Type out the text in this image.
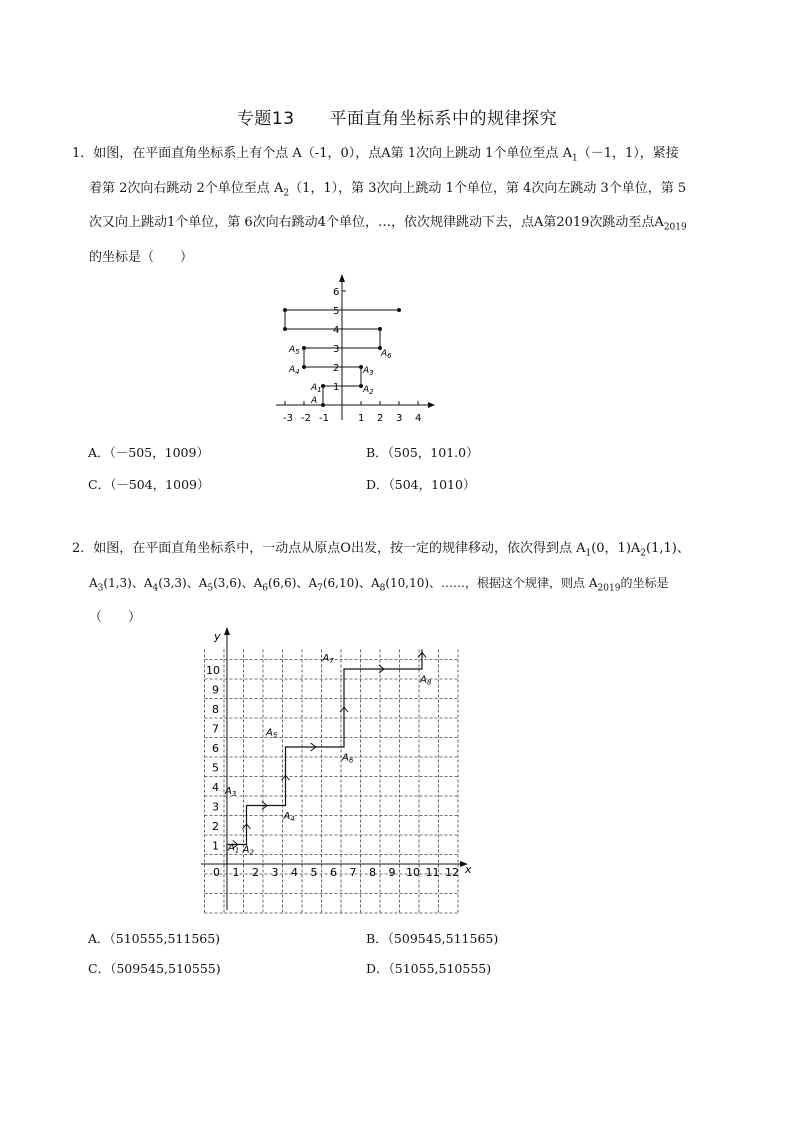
专题13　　平面直角坐标系中的规律探究
1．如图，在平面直角坐标系上有个点 A（-1，0），点A第 1次向上跳动 1个单位至点 $A_1(-1$，1），紧接
着第 2次向右跳动 2个单位至点 $A_2(1$，1），第 3次向上跳动 1个单位，第 4次向左跳动 3个单位，第 5
次又向上跳动1个单位，第 6次向右跳动4个单位，…，依次规律跳动下去，点A第2019次跳动至点$A_{2019}$
的坐标是（　　）
-3 -2 -1	1 2 3 4
1
2
3
4
5
6
A
$A_1$	$A_2$
$A_3$
$A_4$
$A_5$	$A_6$
A．（－505，1009）	B．（505，101.0）
C．（－504，1009）	D．（504，1010）
2．如图，在平面直角坐标系中，一动点从原点O出发，按一定的规律移动，依次得到点 $A_1(0$，$1)A_2(1,1)$、
$A_3(1,3)$、$A_4(3,3)$、$A_5(3,6)$、$A_6(6,6)$、$A_7(6,10)$、$A_8(10,10)$、……，根据这个规律，则点 $A_{2019}$的坐标是
（　　）
x
y
0 1 2 3 4 5 6 7 8 9 10 11 12
1
2
3
4
5
6
7
8
9
10
$A_1$ $A_2$
$A_3$
$A_4$
$A_5$
$A_6$
$A_7$
$A_8$
A．（510555,511565)	B．（509545,511565)
C．（509545,510555)	D．（51055,510555)
